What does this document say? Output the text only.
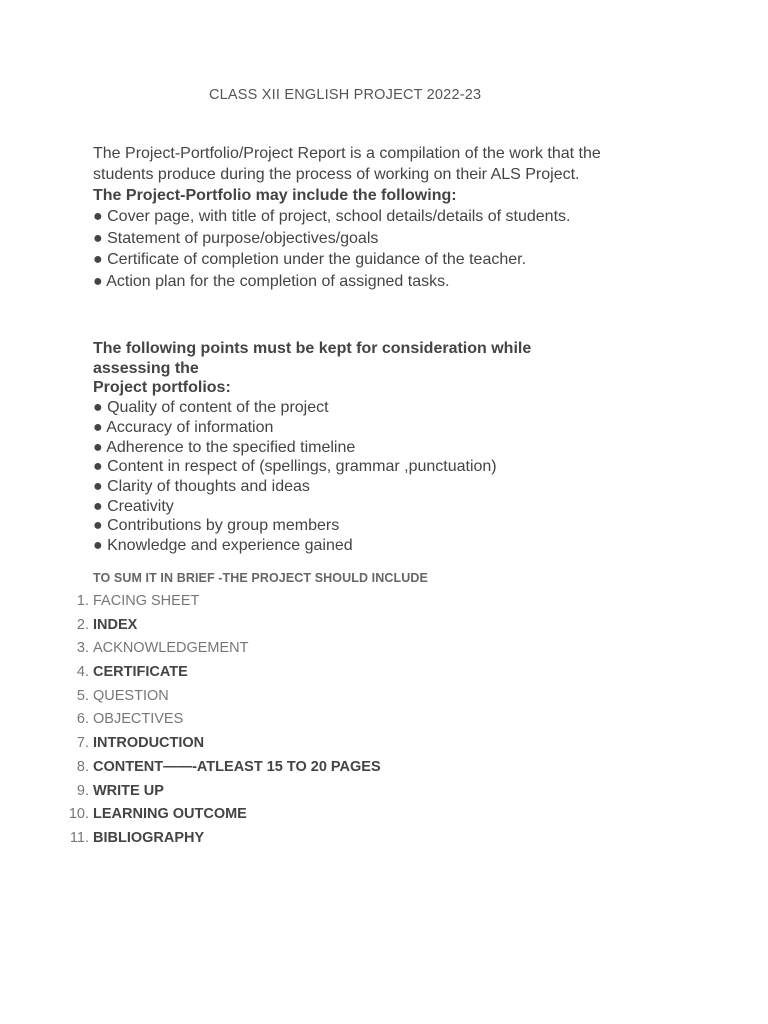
CLASS XII ENGLISH PROJECT 2022-23
The Project-Portfolio/Project Report is a compilation of the work that the
students produce during the process of working on their ALS Project.
The Project-Portfolio may include the following:
● Cover page, with title of project, school details/details of students.
● Statement of purpose/objectives/goals
● Certificate of completion under the guidance of the teacher.
● Action plan for the completion of assigned tasks.
The following points must be kept for consideration while
assessing the
Project portfolios:
● Quality of content of the project
● Accuracy of information
● Adherence to the specified timeline
● Content in respect of (spellings, grammar ,punctuation)
● Clarity of thoughts and ideas
● Creativity
● Contributions by group members
● Knowledge and experience gained
TO SUM IT IN BRIEF -THE PROJECT SHOULD INCLUDE
1. FACING SHEET
2. INDEX
3. ACKNOWLEDGEMENT
4. CERTIFICATE
5. QUESTION
6. OBJECTIVES
7. INTRODUCTION
8. CONTENT——-ATLEAST 15 TO 20 PAGES
9. WRITE UP
10. LEARNING OUTCOME
11. BIBLIOGRAPHY
